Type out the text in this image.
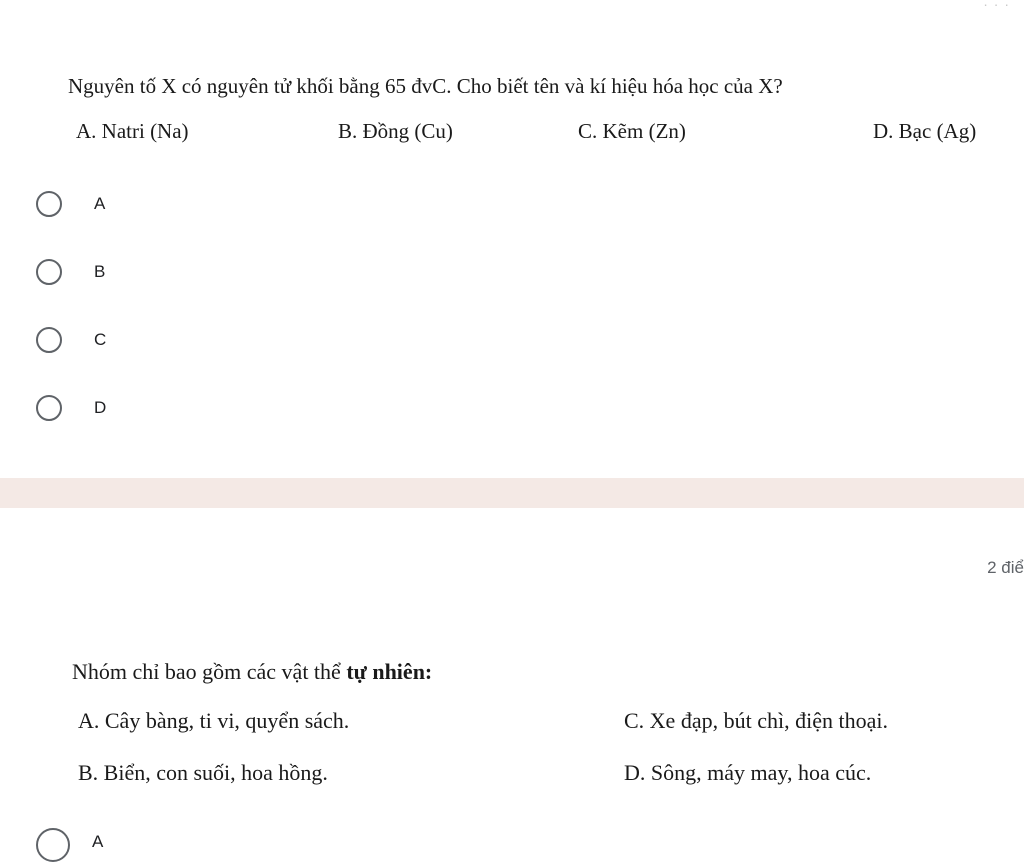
· · ·
Nguyên tố X có nguyên tử khối bằng 65 đvC. Cho biết tên và kí hiệu hóa học của X?
A. Natri (Na)	B. Đồng (Cu)	C. Kẽm (Zn)	D. Bạc (Ag)
A
B
C
D
2 điể
Nhóm chỉ bao gồm các vật thể tự nhiên:
A. Cây bàng, ti vi, quyển sách.	C. Xe đạp, bút chì, điện thoại.
B. Biển, con suối, hoa hồng.	D. Sông, máy may, hoa cúc.
A
